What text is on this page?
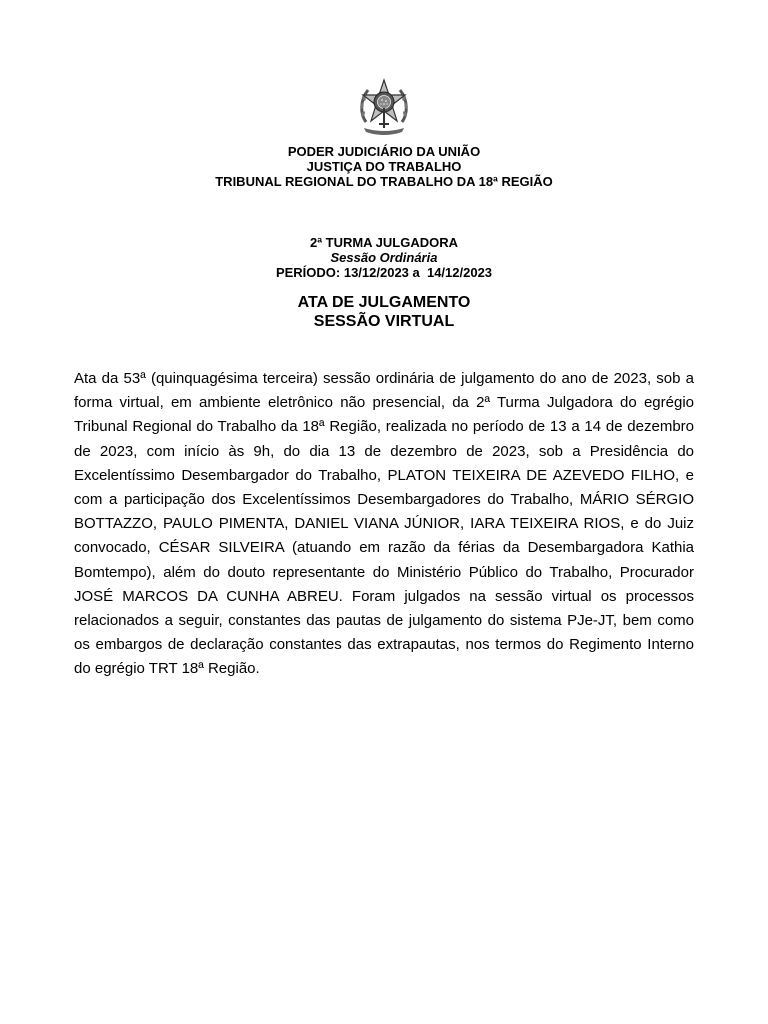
PODER JUDICIÁRIO DA UNIÃO
JUSTIÇA DO TRABALHO
TRIBUNAL REGIONAL DO TRABALHO DA 18ª REGIÃO
2ª TURMA JULGADORA
Sessão Ordinária
PERÍODO: 13/12/2023 a  14/12/2023
ATA DE JULGAMENTO
SESSÃO VIRTUAL

Ata da 53ª (quinquagésima terceira) sessão ordinária de julgamento do ano de 2023, sob a forma virtual, em ambiente eletrônico não presencial, da 2ª Turma Julgadora do egrégio Tribunal Regional do Trabalho da 18ª Região, realizada no período de 13 a 14 de dezembro de 2023, com início às 9h, do dia 13 de dezembro de 2023, sob a Presidência do Excelentíssimo Desembargador do Trabalho, PLATON TEIXEIRA DE AZEVEDO FILHO, e com a participação dos Excelentíssimos Desembargadores do Trabalho, MÁRIO SÉRGIO BOTTAZZO, PAULO PIMENTA, DANIEL VIANA JÚNIOR, IARA TEIXEIRA RIOS, e do Juiz convocado, CÉSAR SILVEIRA (atuando em razão da férias da Desembargadora Kathia Bomtempo), além do douto representante do Ministério Público do Trabalho, Procurador JOSÉ MARCOS DA CUNHA ABREU. Foram julgados na sessão virtual os processos relacionados a seguir, constantes das pautas de julgamento do sistema PJe-JT, bem como os embargos de declaração constantes das extrapautas, nos termos do Regimento Interno do egrégio TRT 18ª Região.
